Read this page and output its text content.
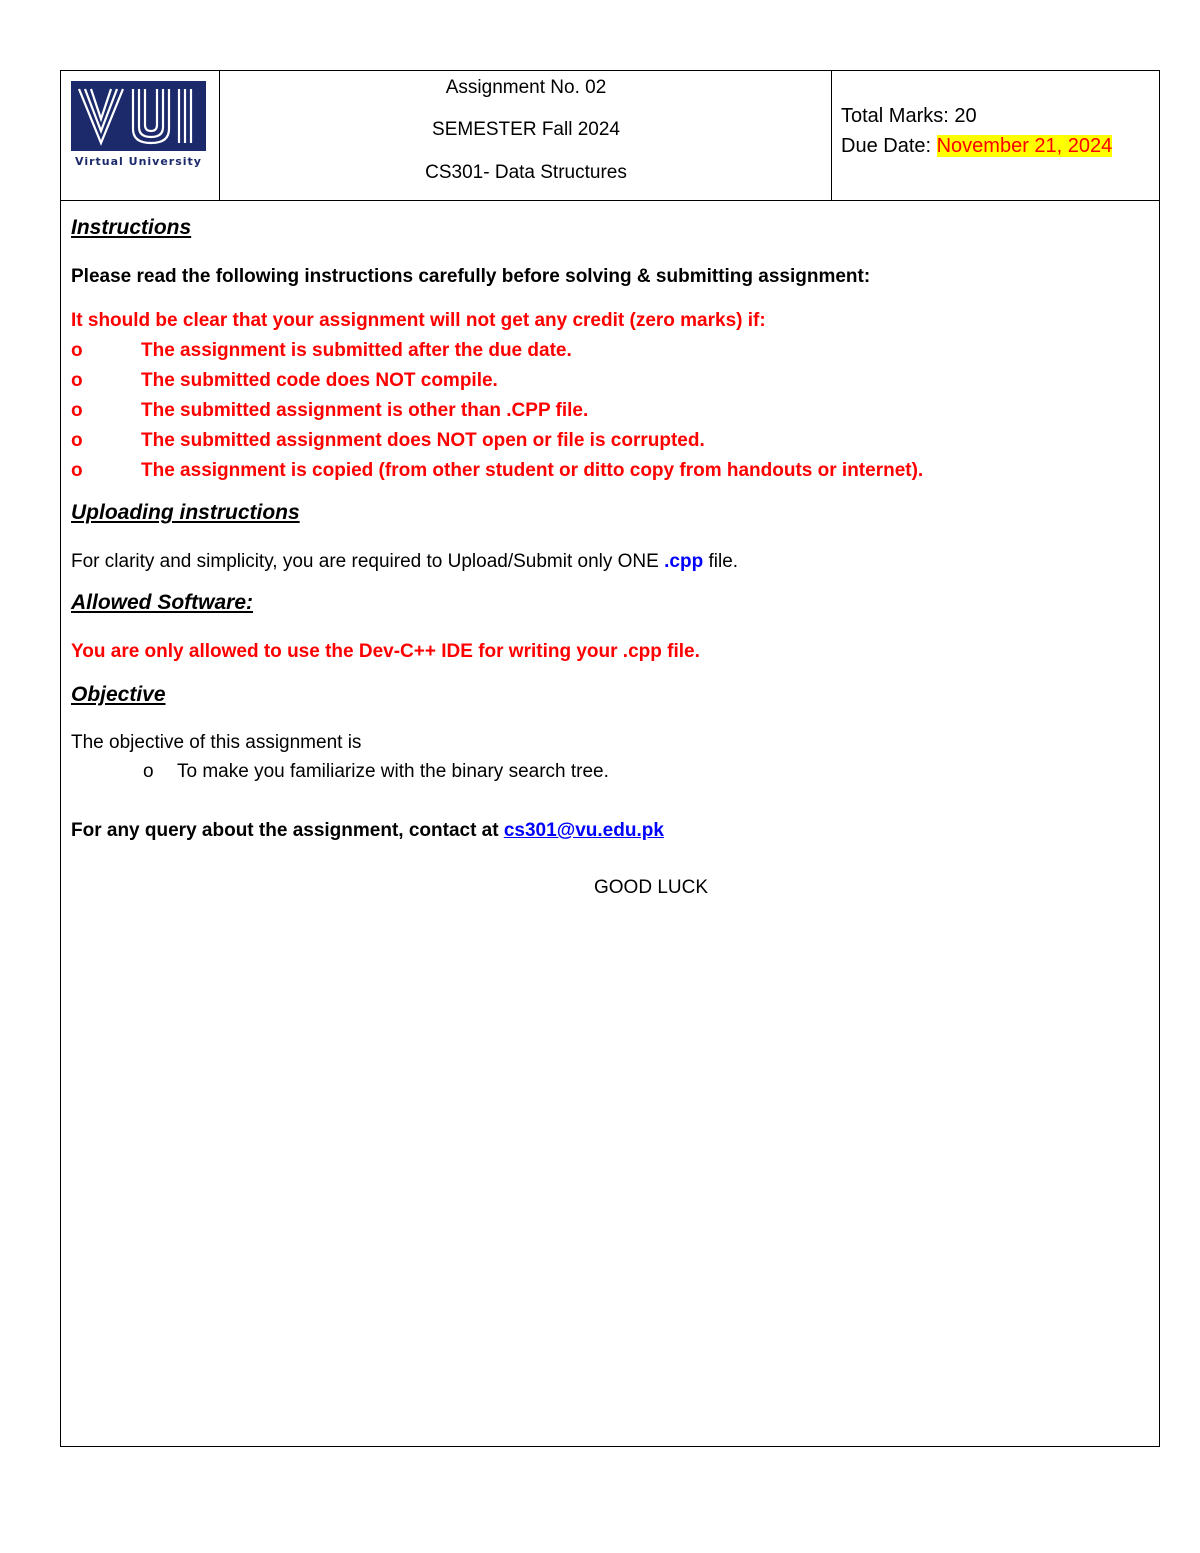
Virtual University
Assignment No. 02
SEMESTER Fall 2024
CS301- Data Structures
Total Marks: 20
Due Date: November 21, 2024
Instructions
Please read the following instructions carefully before solving & submitting assignment:
It should be clear that your assignment will not get any credit (zero marks) if:
o	The assignment is submitted after the due date.
o	The submitted code does NOT compile.
o	The submitted assignment is other than .CPP file.
o	The submitted assignment does NOT open or file is corrupted.
o	The assignment is copied (from other student or ditto copy from handouts or internet).
Uploading instructions
For clarity and simplicity, you are required to Upload/Submit only ONE .cpp file.
Allowed Software:
You are only allowed to use the Dev-C++ IDE for writing your .cpp file.
Objective
The objective of this assignment is
o To make you familiarize with the binary search tree.
For any query about the assignment, contact at cs301@vu.edu.pk
GOOD LUCK
